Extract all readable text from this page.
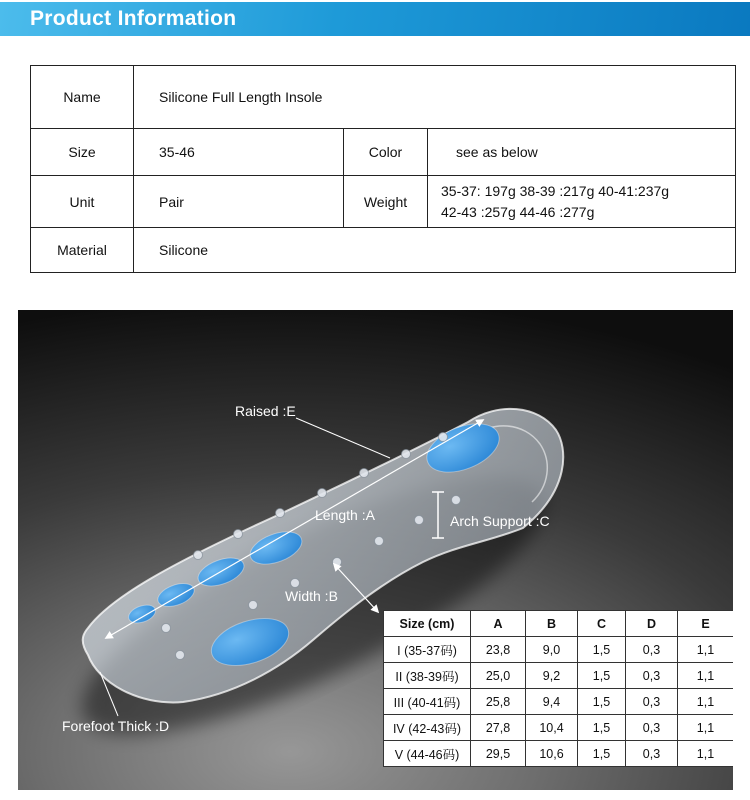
Product Information
Name	Silicone Full Length Insole		
Size	35-46	Color	see as below
Unit	Pair	Weight	35-37: 197g 38-39 :217g 40-41:237g
42-43 :257g 44-46 :277g

Material	Silicone		
Raised :E
Length :A	Arch Support :C
Width :B
Forefoot Thick :D
Size (cm)	A	B	C	D	E
I (35-37码)	23,8	9,0	1,5	0,3	1,1
II (38-39码)	25,0	9,2	1,5	0,3	1,1
III (40-41码)	25,8	9,4	1,5	0,3	1,1
IV (42-43码)	27,8	10,4	1,5	0,3	1,1
V (44-46码)	29,5	10,6	1,5	0,3	1,1
